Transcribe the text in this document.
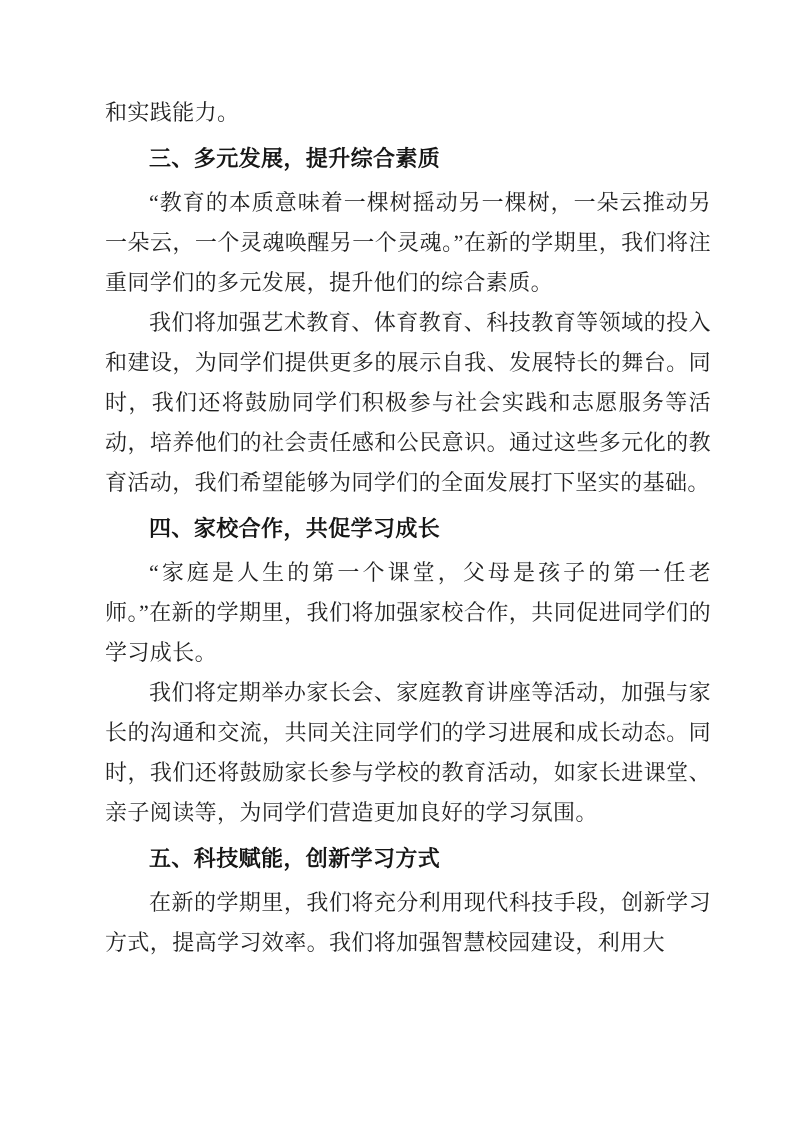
和实践能力。

三、多元发展，提升综合素质

“教育的本质意味着一棵树摇动另一棵树，一朵云推动另一朵云，一个灵魂唤醒另一个灵魂。”在新的学期里，我们将注重同学们的多元发展，提升他们的综合素质。

我们将加强艺术教育、体育教育、科技教育等领域的投入和建设，为同学们提供更多的展示自我、发展特长的舞台。同时，我们还将鼓励同学们积极参与社会实践和志愿服务等活动，培养他们的社会责任感和公民意识。通过这些多元化的教育活动，我们希望能够为同学们的全面发展打下坚实的基础。

四、家校合作，共促学习成长

“家庭是人生的第一个课堂，父母是孩子的第一任老师。”在新的学期里，我们将加强家校合作，共同促进同学们的学习成长。

我们将定期举办家长会、家庭教育讲座等活动，加强与家长的沟通和交流，共同关注同学们的学习进展和成长动态。同时，我们还将鼓励家长参与学校的教育活动，如家长进课堂、亲子阅读等，为同学们营造更加良好的学习氛围。

五、科技赋能，创新学习方式

在新的学期里，我们将充分利用现代科技手段，创新学习方式，提高学习效率。我们将加强智慧校园建设，利用大
